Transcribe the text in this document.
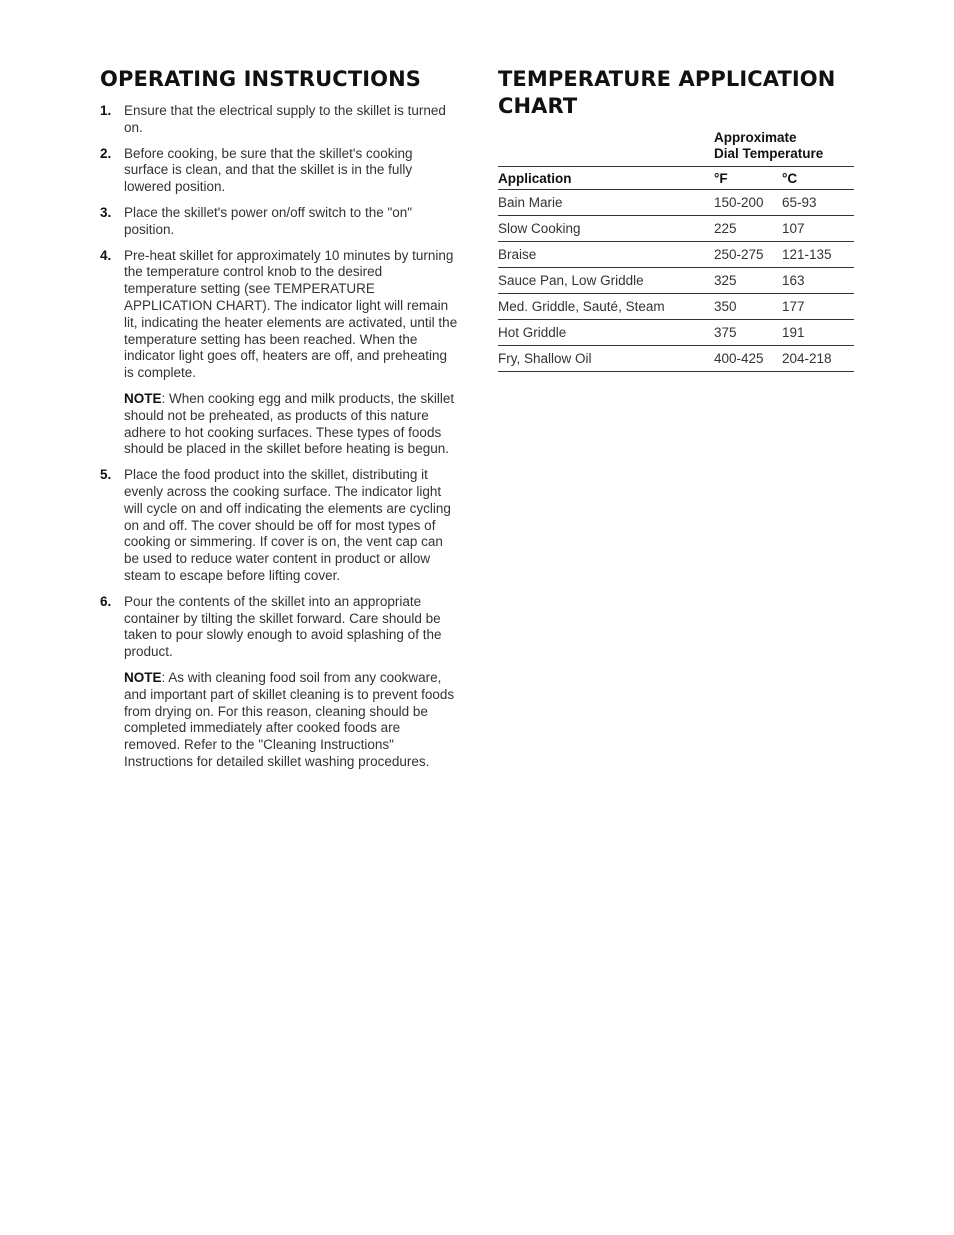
OPERATING INSTRUCTIONS
1. Ensure that the electrical supply to the skillet is turned on.
2. Before cooking, be sure that the skillet's cooking surface is clean, and that the skillet is in the fully lowered position.
3. Place the skillet's power on/off switch to the "on" position.
4. Pre-heat skillet for approximately 10 minutes by turning the temperature control knob to the desired temperature setting (see TEMPERATURE APPLICATION CHART). The indicator light will remain lit, indicating the heater elements are activated, until the temperature setting has been reached. When the indicator light goes off, heaters are off, and preheating is complete.
NOTE: When cooking egg and milk products, the skillet should not be preheated, as products of this nature adhere to hot cooking surfaces. These types of foods should be placed in the skillet before heating is begun.
5. Place the food product into the skillet, distributing it evenly across the cooking surface. The indicator light will cycle on and off indicating the elements are cycling on and off. The cover should be off for most types of cooking or simmering. If cover is on, the vent cap can be used to reduce water content in product or allow steam to escape before lifting cover.
6. Pour the contents of the skillet into an appropriate container by tilting the skillet forward. Care should be taken to pour slowly enough to avoid splashing of the product.
NOTE: As with cleaning food soil from any cookware, and important part of skillet cleaning is to prevent foods from drying on. For this reason, cleaning should be completed immediately after cooked foods are removed. Refer to the "Cleaning Instructions" Instructions for detailed skillet washing procedures.
TEMPERATURE APPLICATION CHART

	Approximate
Dial Temperature	

Application	°F	°C
Bain Marie	150-200	65-93
Slow Cooking	225	107
Braise	250-275	121-135
Sauce Pan, Low Griddle	325	163
Med. Griddle, Sauté, Steam	350	177
Hot Griddle	375	191
Fry, Shallow Oil	400-425	204-218
